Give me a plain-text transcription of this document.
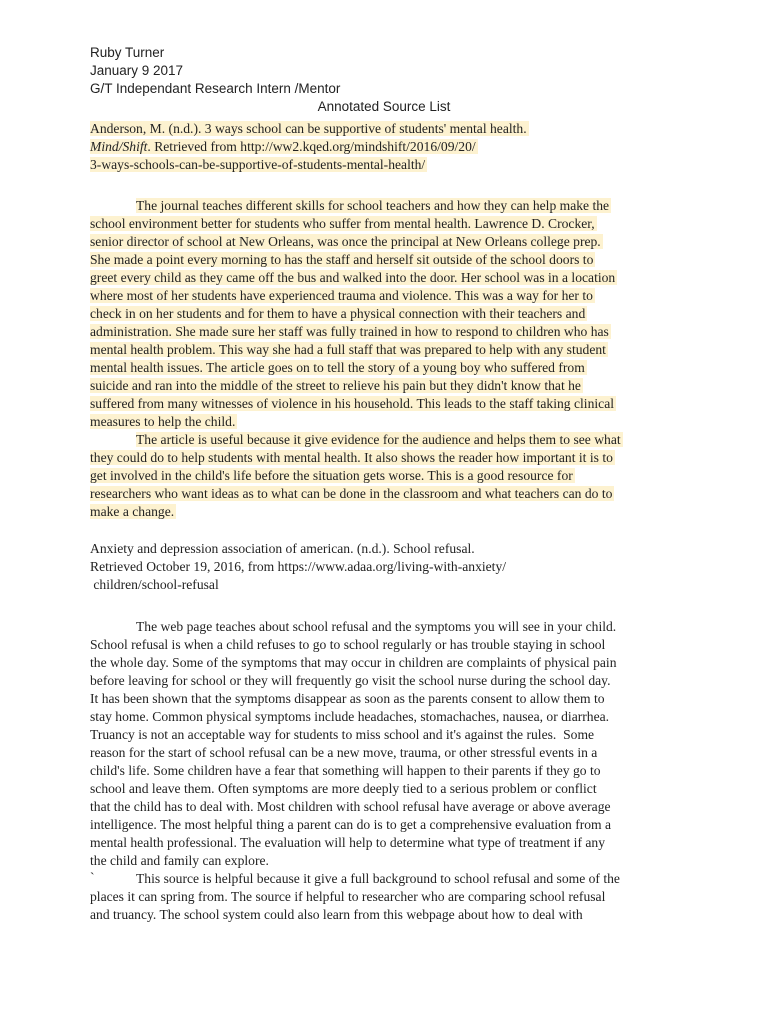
Ruby Turner
January 9 2017
G/T Independant Research Intern /Mentor
Annotated Source List
Anderson, M. (n.d.). 3 ways school can be supportive of students' mental health.
Mind/Shift. Retrieved from http://ww2.kqed.org/mindshift/2016/09/20/
3-ways-schools-can-be-supportive-of-students-mental-health/
The journal teaches different skills for school teachers and how they can help make the
school environment better for students who suffer from mental health. Lawrence D. Crocker,
senior director of school at New Orleans, was once the principal at New Orleans college prep.
She made a point every morning to has the staff and herself sit outside of the school doors to
greet every child as they came off the bus and walked into the door. Her school was in a location
where most of her students have experienced trauma and violence. This was a way for her to
check in on her students and for them to have a physical connection with their teachers and
administration. She made sure her staff was fully trained in how to respond to children who has
mental health problem. This way she had a full staff that was prepared to help with any student
mental health issues. The article goes on to tell the story of a young boy who suffered from
suicide and ran into the middle of the street to relieve his pain but they didn't know that he
suffered from many witnesses of violence in his household. This leads to the staff taking clinical
measures to help the child.
The article is useful because it give evidence for the audience and helps them to see what
they could do to help students with mental health. It also shows the reader how important it is to
get involved in the child's life before the situation gets worse. This is a good resource for
researchers who want ideas as to what can be done in the classroom and what teachers can do to
make a change.
Anxiety and depression association of american. (n.d.). School refusal.
Retrieved October 19, 2016, from https://www.adaa.org/living-with-anxiety/
children/school-refusal
The web page teaches about school refusal and the symptoms you will see in your child.
School refusal is when a child refuses to go to school regularly or has trouble staying in school
the whole day. Some of the symptoms that may occur in children are complaints of physical pain
before leaving for school or they will frequently go visit the school nurse during the school day.
It has been shown that the symptoms disappear as soon as the parents consent to allow them to
stay home. Common physical symptoms include headaches, stomachaches, nausea, or diarrhea.
Truancy is not an acceptable way for students to miss school and it's against the rules.  Some
reason for the start of school refusal can be a new move, trauma, or other stressful events in a
child's life. Some children have a fear that something will happen to their parents if they go to
school and leave them. Often symptoms are more deeply tied to a serious problem or conflict
that the child has to deal with. Most children with school refusal have average or above average
intelligence. The most helpful thing a parent can do is to get a comprehensive evaluation from a
mental health professional. The evaluation will help to determine what type of treatment if any
the child and family can explore.
`	This source is helpful because it give a full background to school refusal and some of the
places it can spring from. The source if helpful to researcher who are comparing school refusal
and truancy. The school system could also learn from this webpage about how to deal with
